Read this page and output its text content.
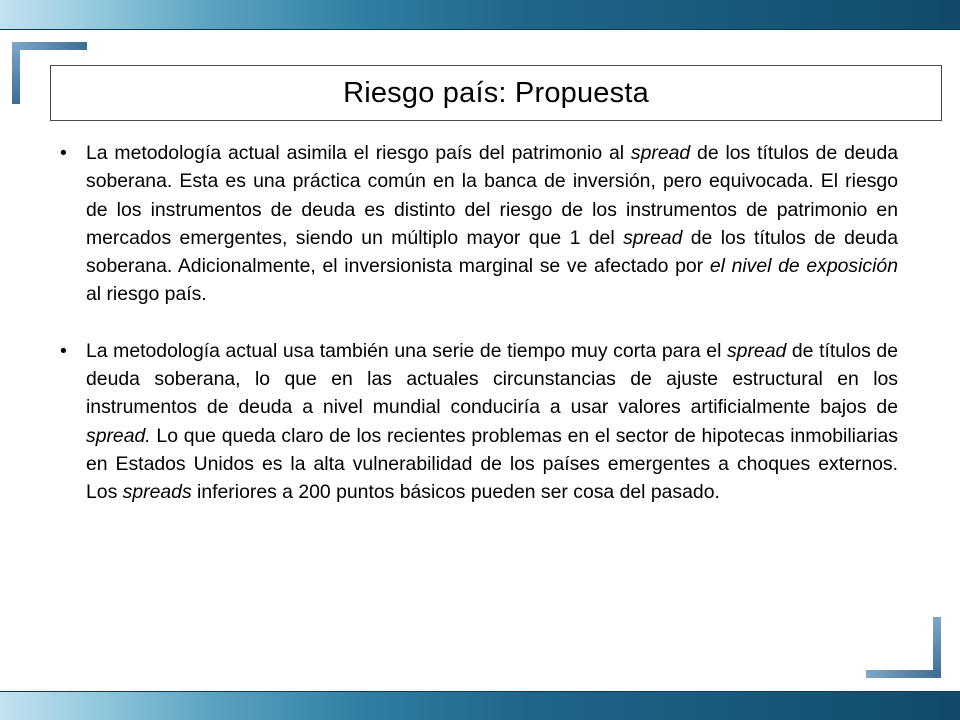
Riesgo país: Propuesta
• La metodología actual asimila el riesgo país del patrimonio al spread de los títulos de deuda soberana. Esta es una práctica común en la banca de inversión, pero equivocada. El riesgo de los instrumentos de deuda es distinto del riesgo de los instrumentos de patrimonio en mercados emergentes, siendo un múltiplo mayor que 1 del spread de los títulos de deuda soberana. Adicionalmente, el inversionista marginal se ve afectado por el nivel de exposición al riesgo país.
• La metodología actual usa también una serie de tiempo muy corta para el spread de títulos de deuda soberana, lo que en las actuales circunstancias de ajuste estructural en los instrumentos de deuda a nivel mundial conduciría a usar valores artificialmente bajos de spread. Lo que queda claro de los recientes problemas en el sector de hipotecas inmobiliarias en Estados Unidos es la alta vulnerabilidad de los países emergentes a choques externos. Los spreads inferiores a 200 puntos básicos pueden ser cosa del pasado.
